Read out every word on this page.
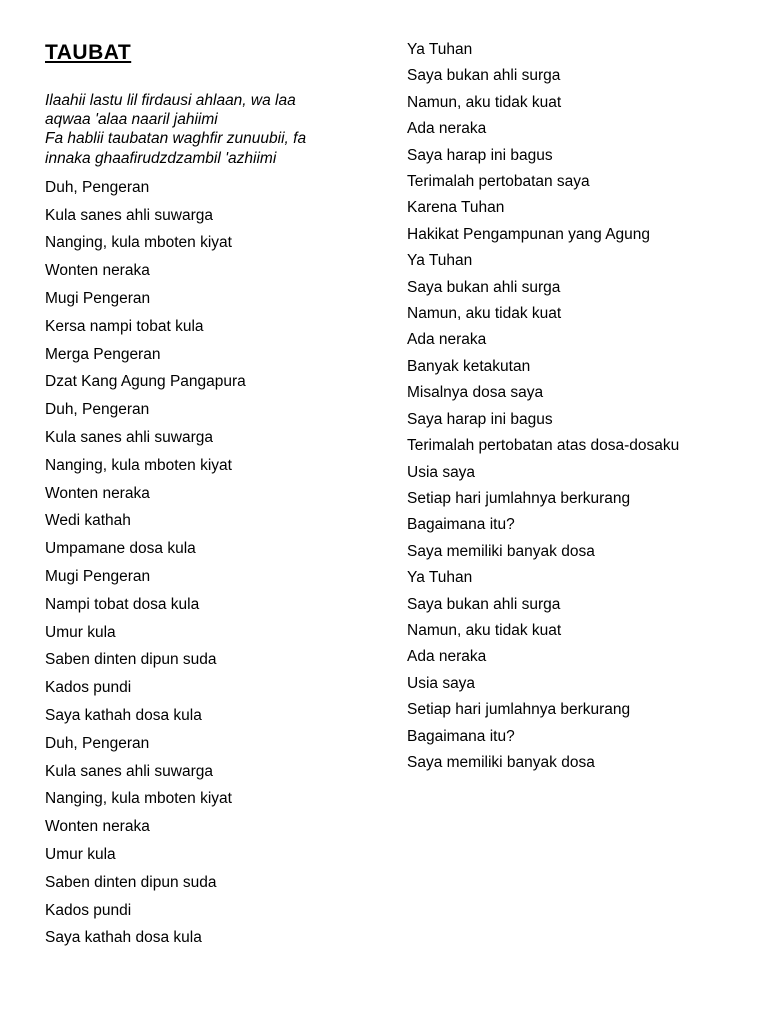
TAUBAT
Ilaahii lastu lil firdausi ahlaan, wa laa
aqwaa 'alaa naaril jahiimi
Fa hablii taubatan waghfir zunuubii, fa
innaka ghaafirudzdzambil 'azhiimi
Duh, Pengeran
Kula sanes ahli suwarga
Nanging, kula mboten kiyat
Wonten neraka
Mugi Pengeran
Kersa nampi tobat kula
Merga Pengeran
Dzat Kang Agung Pangapura
Duh, Pengeran
Kula sanes ahli suwarga
Nanging, kula mboten kiyat
Wonten neraka
Wedi kathah
Umpamane dosa kula
Mugi Pengeran
Nampi tobat dosa kula
Umur kula
Saben dinten dipun suda
Kados pundi
Saya kathah dosa kula
Duh, Pengeran
Kula sanes ahli suwarga
Nanging, kula mboten kiyat
Wonten neraka
Umur kula
Saben dinten dipun suda
Kados pundi
Saya kathah dosa kula
Ya Tuhan
Saya bukan ahli surga
Namun, aku tidak kuat
Ada neraka
Saya harap ini bagus
Terimalah pertobatan saya
Karena Tuhan
Hakikat Pengampunan yang Agung
Ya Tuhan
Saya bukan ahli surga
Namun, aku tidak kuat
Ada neraka
Banyak ketakutan
Misalnya dosa saya
Saya harap ini bagus
Terimalah pertobatan atas dosa-dosaku
Usia saya
Setiap hari jumlahnya berkurang
Bagaimana itu?
Saya memiliki banyak dosa
Ya Tuhan
Saya bukan ahli surga
Namun, aku tidak kuat
Ada neraka
Usia saya
Setiap hari jumlahnya berkurang
Bagaimana itu?
Saya memiliki banyak dosa
